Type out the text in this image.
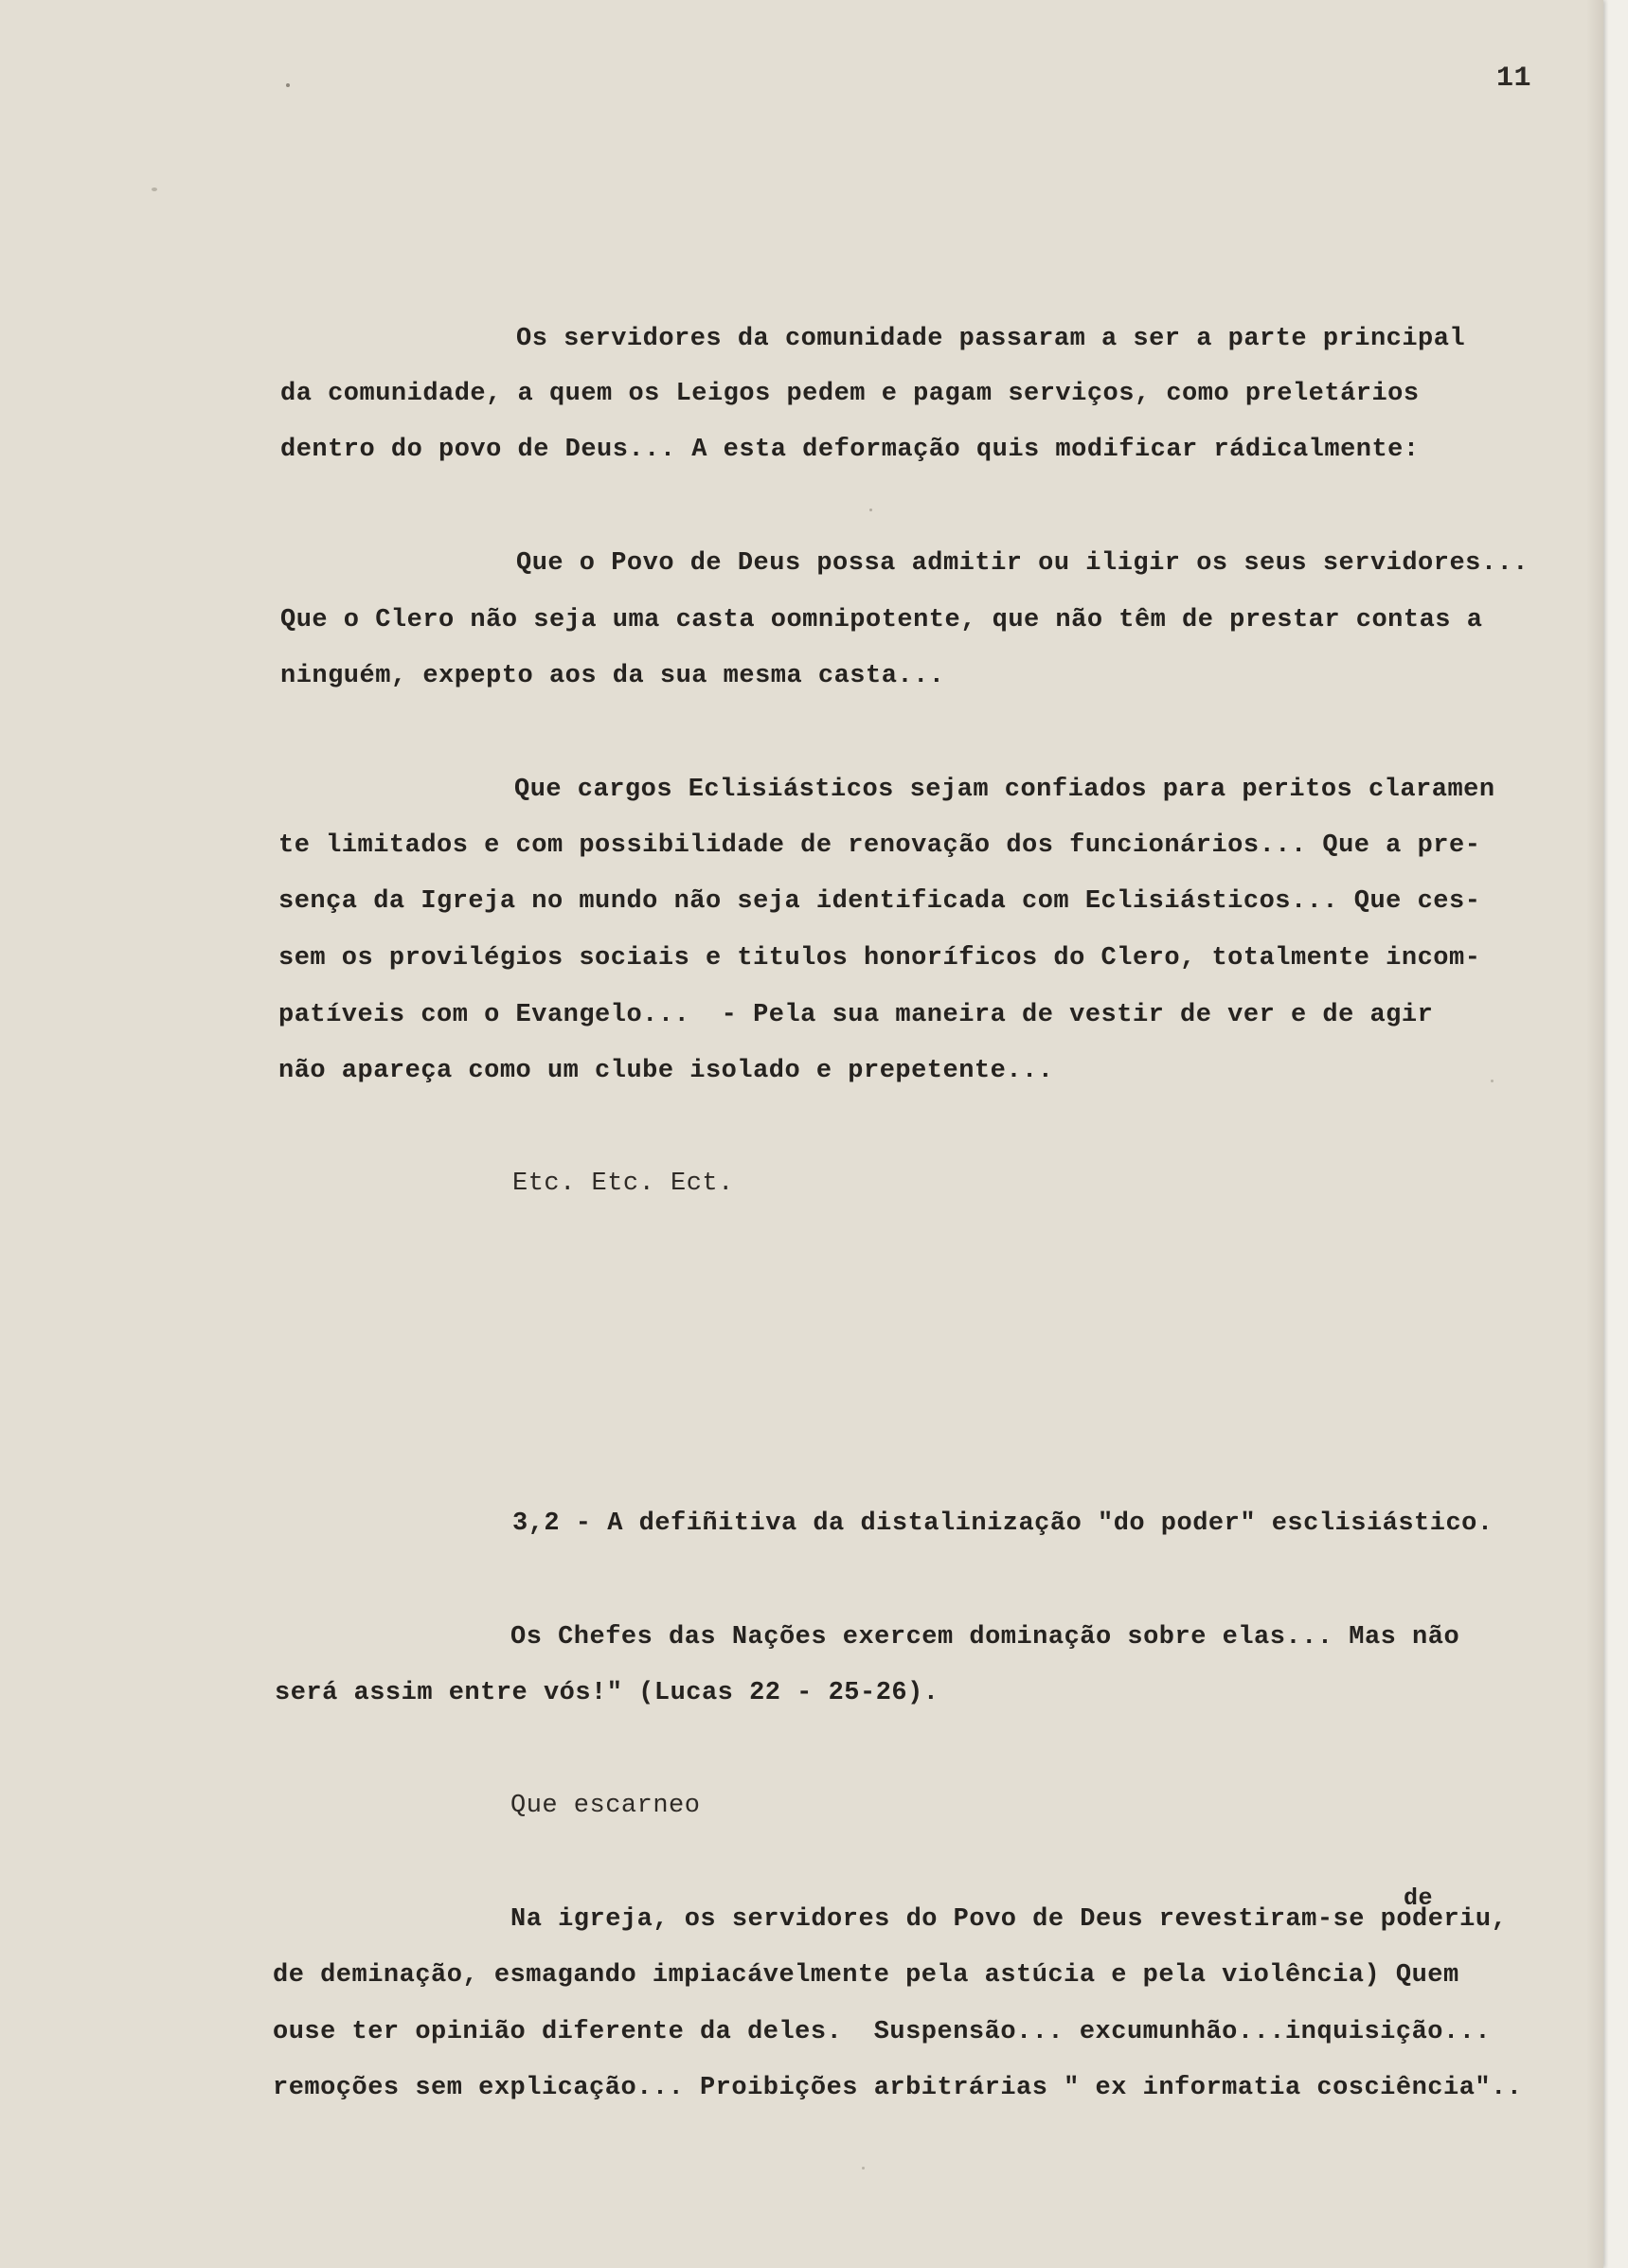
11
Os servidores da comunidade passaram a ser a parte principal
da comunidade, a quem os Leigos pedem e pagam serviços, como preletários
dentro do povo de Deus... A esta deformação quis modificar rádicalmente:
Que o Povo de Deus possa admitir ou iligir os seus servidores...
Que o Clero não seja uma casta oomnipotente, que não têm de prestar contas a
ninguém, expepto aos da sua mesma casta...
Que cargos Eclisiásticos sejam confiados para peritos claramen
te limitados e com possibilidade de renovação dos funcionários... Que a pre-
sença da Igreja no mundo não seja identificada com Eclisiásticos... Que ces-
sem os provilégios sociais e titulos honoríficos do Clero, totalmente incom-
patíveis com o Evangelo...  - Pela sua maneira de vestir de ver e de agir
não apareça como um clube isolado e prepetente...
Etc. Etc. Ect.
3,2 - A defiñitiva da distalinização "do poder" esclisiástico.
Os Chefes das Nações exercem dominação sobre elas... Mas não
será assim entre vós!" (Lucas 22 - 25-26).
Que escarneo
de
Na igreja, os servidores do Povo de Deus revestiram-se poderiu,
de deminação, esmagando impiacávelmente pela astúcia e pela violência) Quem
ouse ter opinião diferente da deles.  Suspensão... excumunhão...inquisição...
remoções sem explicação... Proibições arbitrárias " ex informatia cosciência"..
